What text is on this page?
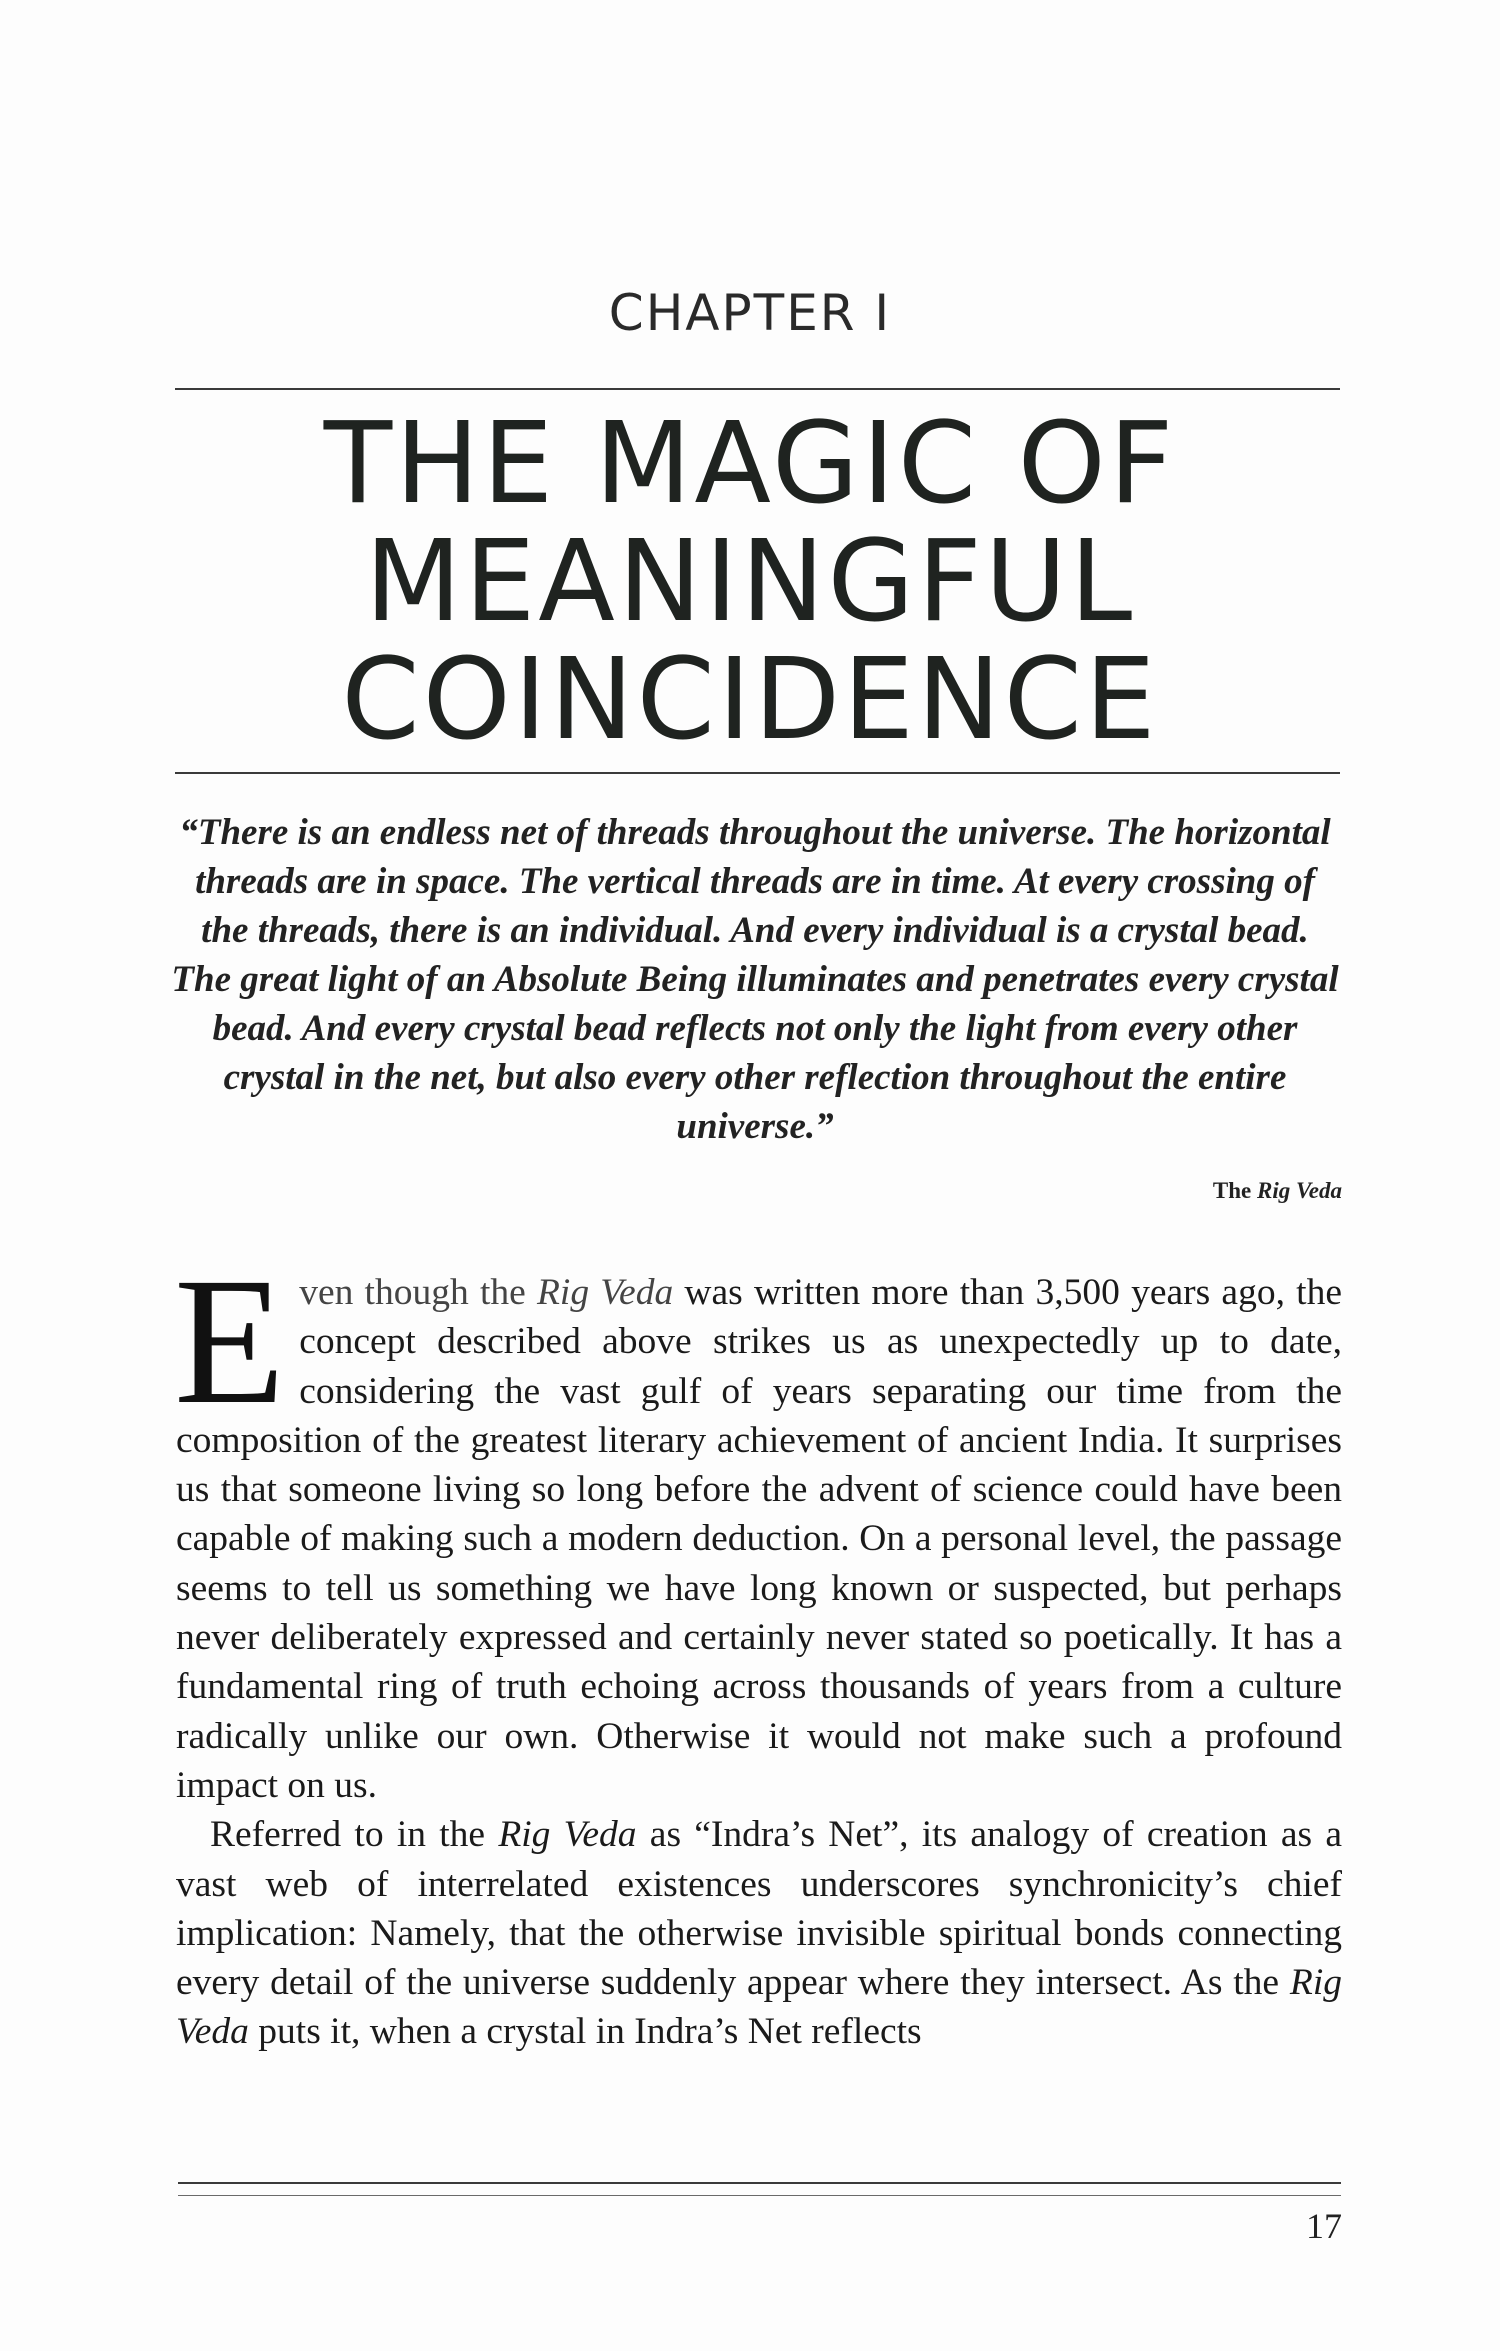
CHAPTER I
THE MAGIC OF
MEANINGFUL
COINCIDENCE
“There is an endless net of threads throughout the universe. The horizontal threads are in space. The vertical threads are in time. At every crossing of the threads, there is an individual. And every individual is a crystal bead. The great light of an Absolute Being illuminates and penetrates every crystal bead. And every crystal bead reflects not only the light from every other crystal in the net, but also every other reflection throughout the entire universe.”
The Rig Veda

Even though the Rig Veda was written more than 3,500 years ago, the concept described above strikes us as unexpectedly up to date, considering the vast gulf of years separating our time from the composition of the greatest literary achievement of ancient India. It surprises us that someone living so long before the advent of science could have been capable of making such a modern deduction. On a personal level, the passage seems to tell us something we have long known or suspected, but perhaps never deliberately expressed and certainly never stated so poetically. It has a fundamental ring of truth echoing across thousands of years from a culture radically unlike our own. Otherwise it would not make such a profound impact on us.

Referred to in the Rig Veda as “Indra’s Net”, its analogy of creation as a vast web of interrelated existences underscores synchronicity’s chief implication: Namely, that the otherwise invisible spiritual bonds connecting every detail of the universe suddenly appear where they intersect. As the Rig Veda puts it, when a crystal in Indra’s Net reflects

17
